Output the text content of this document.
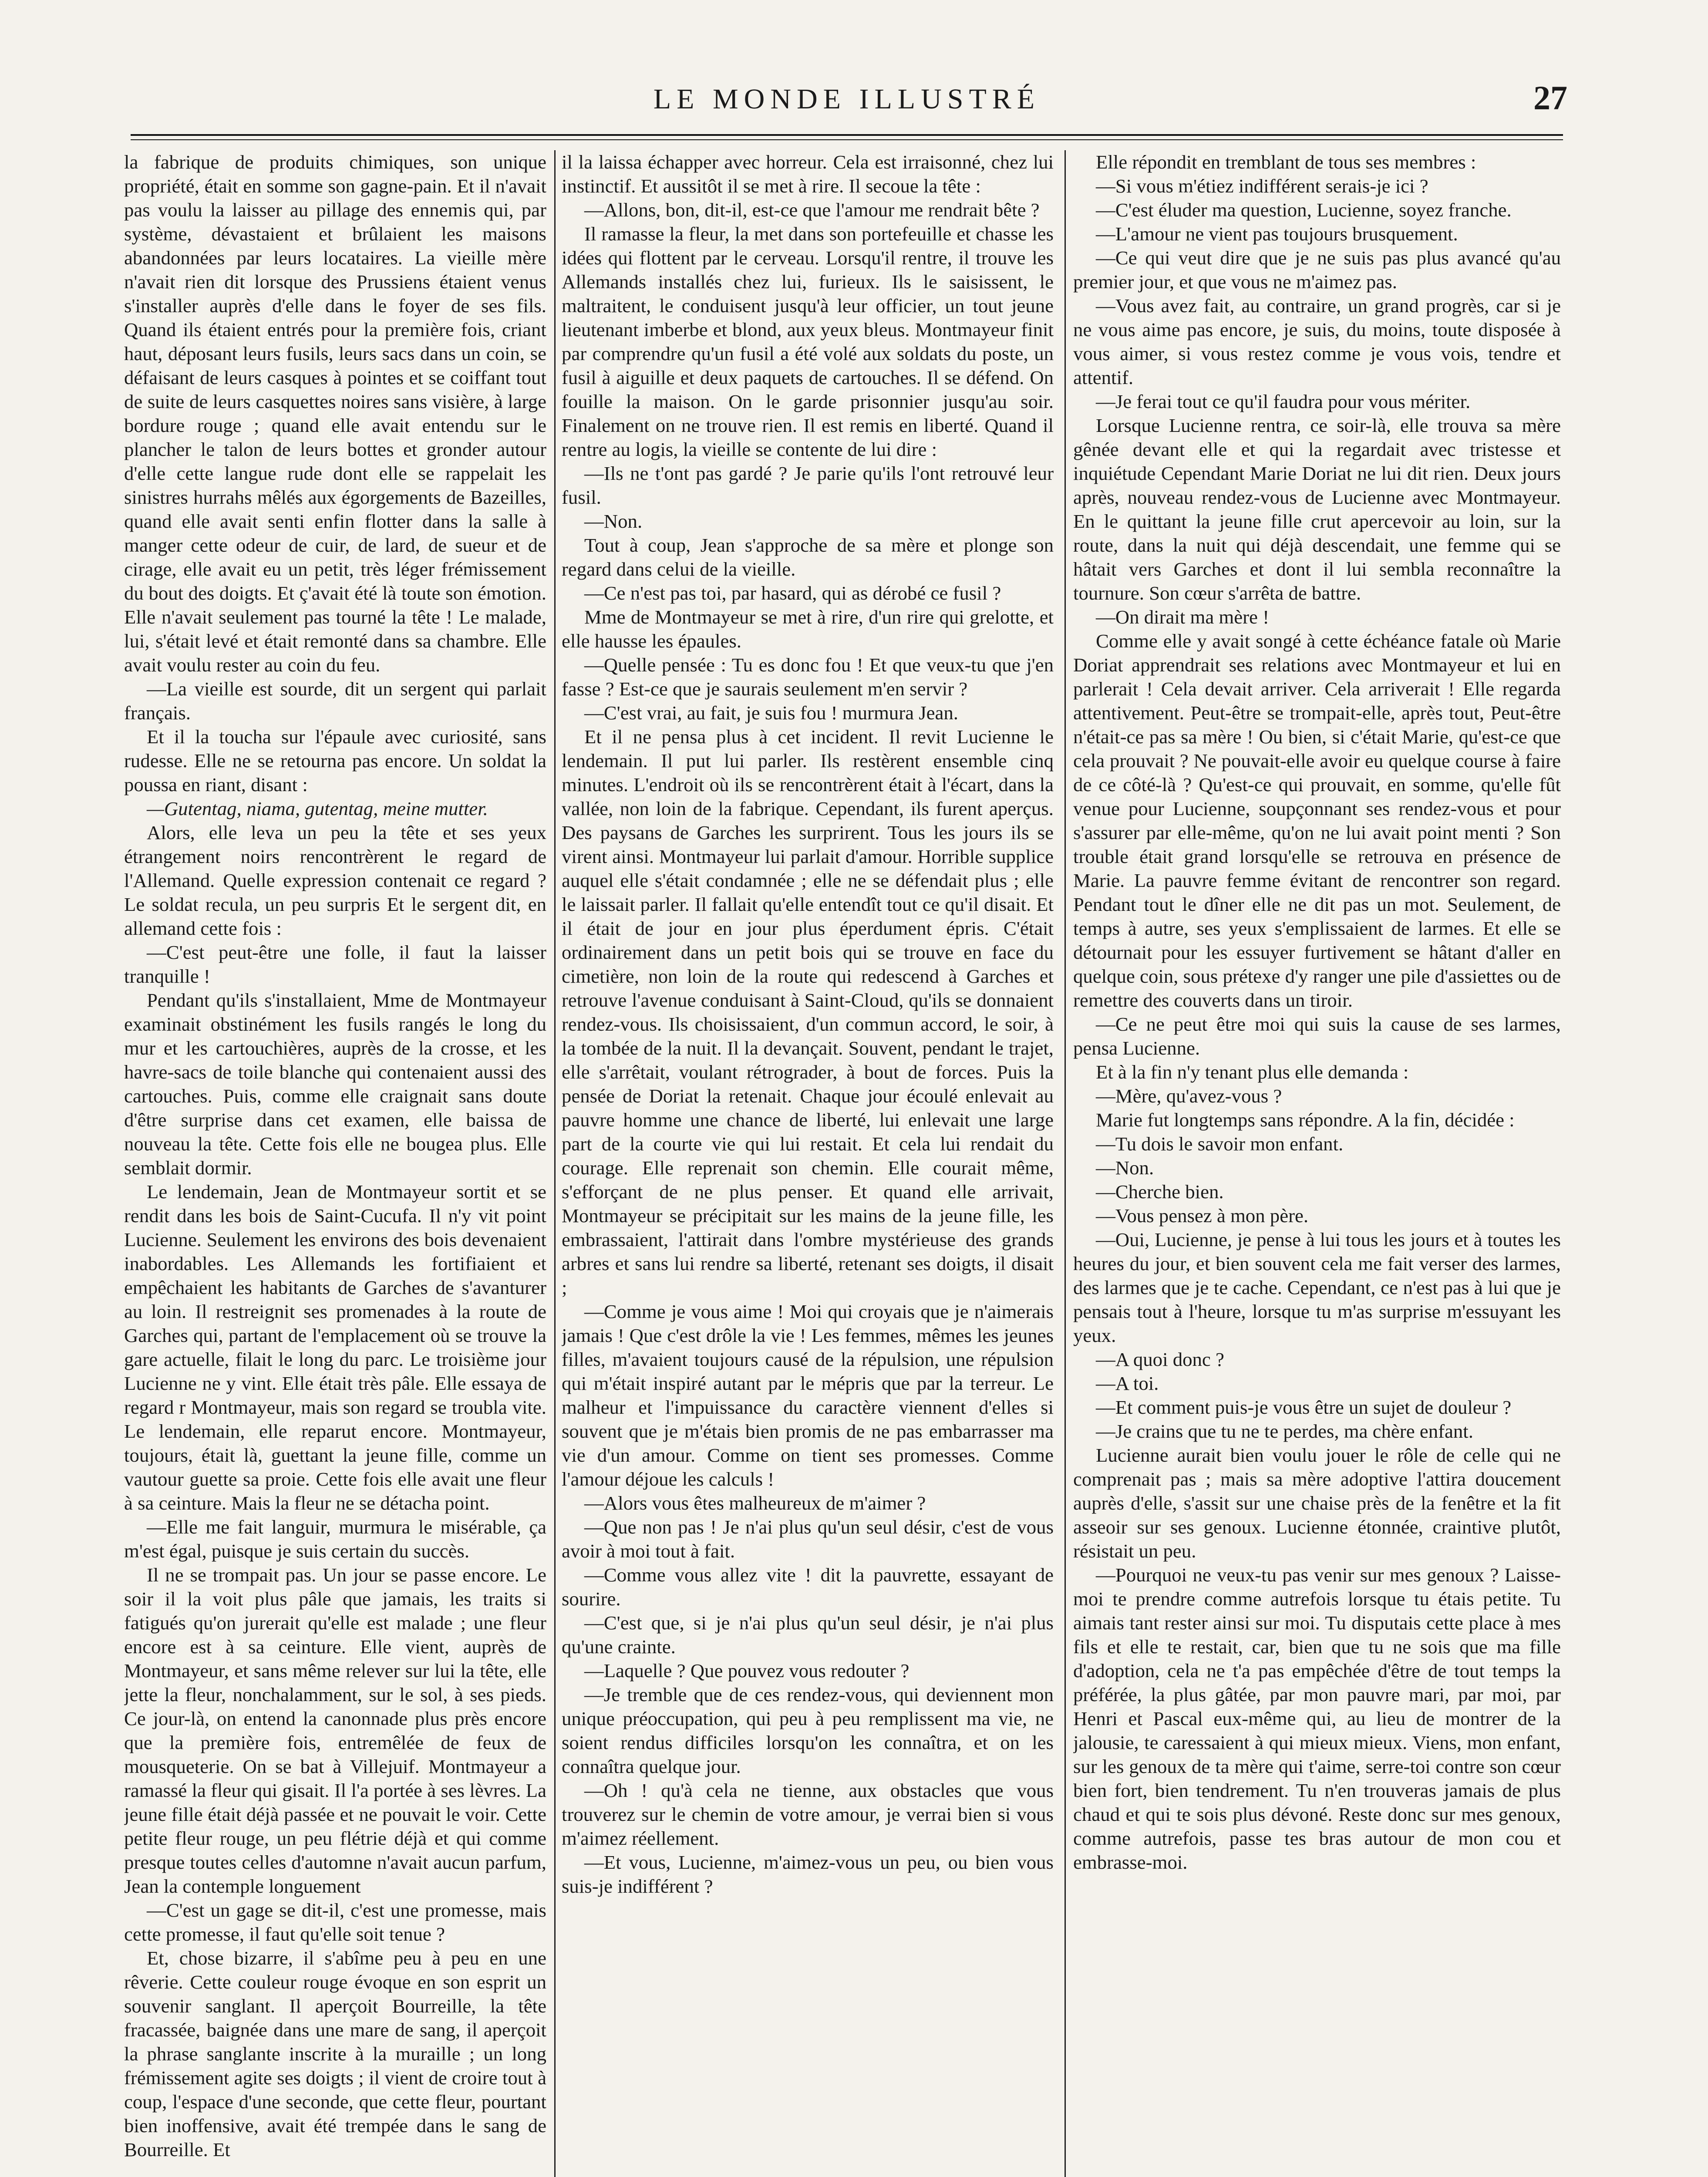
LE MONDE ILLUSTRÉ	27

la fabrique de produits chimiques, son unique propriété, était en somme son gagne-pain. Et il n'avait pas voulu la laisser au pillage des ennemis qui, par système, dévastaient et brûlaient les maisons abandonnées par leurs locataires. La vieille mère n'avait rien dit lorsque des Prussiens étaient venus s'installer auprès d'elle dans le foyer de ses fils. Quand ils étaient entrés pour la première fois, criant haut, déposant leurs fusils, leurs sacs dans un coin, se défaisant de leurs casques à pointes et se coiffant tout de suite de leurs casquettes noires sans visière, à large bordure rouge ; quand elle avait entendu sur le plancher le talon de leurs bottes et gronder autour d'elle cette langue rude dont elle se rappelait les sinistres hurrahs mêlés aux égorgements de Bazeilles, quand elle avait senti enfin flotter dans la salle à manger cette odeur de cuir, de lard, de sueur et de cirage, elle avait eu un petit, très léger frémissement du bout des doigts. Et ç'avait été là toute son émotion. Elle n'avait seulement pas tourné la tête ! Le malade, lui, s'était levé et était remonté dans sa chambre. Elle avait voulu rester au coin du feu.

—La vieille est sourde, dit un sergent qui parlait français.

Et il la toucha sur l'épaule avec curiosité, sans rudesse. Elle ne se retourna pas encore. Un soldat la poussa en riant, disant :

—Gutentag, niama, gutentag, meine mutter.

Alors, elle leva un peu la tête et ses yeux étrangement noirs rencontrèrent le regard de l'Allemand. Quelle expression contenait ce regard ? Le soldat recula, un peu surpris Et le sergent dit, en allemand cette fois :

—C'est peut-être une folle, il faut la laisser tranquille !

Pendant qu'ils s'installaient, Mme de Montmayeur examinait obstinément les fusils rangés le long du mur et les cartouchières, auprès de la crosse, et les havre-sacs de toile blanche qui contenaient aussi des cartouches. Puis, comme elle craignait sans doute d'être surprise dans cet examen, elle baissa de nouveau la tête. Cette fois elle ne bougea plus. Elle semblait dormir.

Le lendemain, Jean de Montmayeur sortit et se rendit dans les bois de Saint-Cucufa. Il n'y vit point Lucienne. Seulement les environs des bois devenaient inabordables. Les Allemands les fortifiaient et empêchaient les habitants de Garches de s'avanturer au loin. Il restreignit ses promenades à la route de Garches qui, partant de l'emplacement où se trouve la gare actuelle, filait le long du parc. Le troisième jour Lucienne ne y vint. Elle était très pâle. Elle essaya de regard r Montmayeur, mais son regard se troubla vite. Le lendemain, elle reparut encore. Montmayeur, toujours, était là, guettant la jeune fille, comme un vautour guette sa proie. Cette fois elle avait une fleur à sa ceinture. Mais la fleur ne se détacha point.

—Elle me fait languir, murmura le misérable, ça m'est égal, puisque je suis certain du succès.

Il ne se trompait pas. Un jour se passe encore. Le soir il la voit plus pâle que jamais, les traits si fatigués qu'on jurerait qu'elle est malade ; une fleur encore est à sa ceinture. Elle vient, auprès de Montmayeur, et sans même relever sur lui la tête, elle jette la fleur, nonchalamment, sur le sol, à ses pieds. Ce jour-là, on entend la canonnade plus près encore que la première fois, entremêlée de feux de mousqueterie. On se bat à Villejuif. Montmayeur a ramassé la fleur qui gisait. Il l'a portée à ses lèvres. La jeune fille était déjà passée et ne pouvait le voir. Cette petite fleur rouge, un peu flétrie déjà et qui comme presque toutes celles d'automne n'avait aucun parfum, Jean la contemple longuement

—C'est un gage se dit-il, c'est une promesse, mais cette promesse, il faut qu'elle soit tenue ?

Et, chose bizarre, il s'abîme peu à peu en une rêverie. Cette couleur rouge évoque en son esprit un souvenir sanglant. Il aperçoit Bourreille, la tête fracassée, baignée dans une mare de sang, il aperçoit la phrase sanglante inscrite à la muraille ; un long frémissement agite ses doigts ; il vient de croire tout à coup, l'espace d'une seconde, que cette fleur, pourtant bien inoffensive, avait été trempée dans le sang de Bourreille. Et

il la laissa échapper avec horreur. Cela est irraisonné, chez lui instinctif. Et aussitôt il se met à rire. Il secoue la tête :

—Allons, bon, dit-il, est-ce que l'amour me rendrait bête ?

Il ramasse la fleur, la met dans son portefeuille et chasse les idées qui flottent par le cerveau. Lorsqu'il rentre, il trouve les Allemands installés chez lui, furieux. Ils le saisissent, le maltraitent, le conduisent jusqu'à leur officier, un tout jeune lieutenant imberbe et blond, aux yeux bleus. Montmayeur finit par comprendre qu'un fusil a été volé aux soldats du poste, un fusil à aiguille et deux paquets de cartouches. Il se défend. On fouille la maison. On le garde prisonnier jusqu'au soir. Finalement on ne trouve rien. Il est remis en liberté. Quand il rentre au logis, la vieille se contente de lui dire :

—Ils ne t'ont pas gardé ? Je parie qu'ils l'ont retrouvé leur fusil.

—Non.

Tout à coup, Jean s'approche de sa mère et plonge son regard dans celui de la vieille.

—Ce n'est pas toi, par hasard, qui as dérobé ce fusil ?

Mme de Montmayeur se met à rire, d'un rire qui grelotte, et elle hausse les épaules.

—Quelle pensée : Tu es donc fou ! Et que veux-tu que j'en fasse ? Est-ce que je saurais seulement m'en servir ?

—C'est vrai, au fait, je suis fou ! murmura Jean.

Et il ne pensa plus à cet incident. Il revit Lucienne le lendemain. Il put lui parler. Ils restèrent ensemble cinq minutes. L'endroit où ils se rencontrèrent était à l'écart, dans la vallée, non loin de la fabrique. Cependant, ils furent aperçus. Des paysans de Garches les surprirent. Tous les jours ils se virent ainsi. Montmayeur lui parlait d'amour. Horrible supplice auquel elle s'était condamnée ; elle ne se défendait plus ; elle le laissait parler. Il fallait qu'elle entendît tout ce qu'il disait. Et il était de jour en jour plus éperdument épris. C'était ordinairement dans un petit bois qui se trouve en face du cimetière, non loin de la route qui redescend à Garches et retrouve l'avenue conduisant à Saint-Cloud, qu'ils se donnaient rendez-vous. Ils choisissaient, d'un commun accord, le soir, à la tombée de la nuit. Il la devançait. Souvent, pendant le trajet, elle s'arrêtait, voulant rétrograder, à bout de forces. Puis la pensée de Doriat la retenait. Chaque jour écoulé enlevait au pauvre homme une chance de liberté, lui enlevait une large part de la courte vie qui lui restait. Et cela lui rendait du courage. Elle reprenait son chemin. Elle courait même, s'efforçant de ne plus penser. Et quand elle arrivait, Montmayeur se précipitait sur les mains de la jeune fille, les embrassaient, l'attirait dans l'ombre mystérieuse des grands arbres et sans lui rendre sa liberté, retenant ses doigts, il disait ;

—Comme je vous aime ! Moi qui croyais que je n'aimerais jamais ! Que c'est drôle la vie ! Les femmes, mêmes les jeunes filles, m'avaient toujours causé de la répulsion, une répulsion qui m'était inspiré autant par le mépris que par la terreur. Le malheur et l'impuissance du caractère viennent d'elles si souvent que je m'étais bien promis de ne pas embarrasser ma vie d'un amour. Comme on tient ses promesses. Comme l'amour déjoue les calculs !

—Alors vous êtes malheureux de m'aimer ?

—Que non pas ! Je n'ai plus qu'un seul désir, c'est de vous avoir à moi tout à fait.

—Comme vous allez vite ! dit la pauvrette, essayant de sourire.

—C'est que, si je n'ai plus qu'un seul désir, je n'ai plus qu'une crainte.

—Laquelle ? Que pouvez vous redouter ?

—Je tremble que de ces rendez-vous, qui deviennent mon unique préoccupation, qui peu à peu remplissent ma vie, ne soient rendus difficiles lorsqu'on les connaîtra, et on les connaîtra quelque jour.

—Oh ! qu'à cela ne tienne, aux obstacles que vous trouverez sur le chemin de votre amour, je verrai bien si vous m'aimez réellement.

—Et vous, Lucienne, m'aimez-vous un peu, ou bien vous suis-je indifférent ?

Elle répondit en tremblant de tous ses membres :

—Si vous m'étiez indifférent serais-je ici ?

—C'est éluder ma question, Lucienne, soyez franche.

—L'amour ne vient pas toujours brusquement.

—Ce qui veut dire que je ne suis pas plus avancé qu'au premier jour, et que vous ne m'aimez pas.

—Vous avez fait, au contraire, un grand progrès, car si je ne vous aime pas encore, je suis, du moins, toute disposée à vous aimer, si vous restez comme je vous vois, tendre et attentif.

—Je ferai tout ce qu'il faudra pour vous mériter.

Lorsque Lucienne rentra, ce soir-là, elle trouva sa mère gênée devant elle et qui la regardait avec tristesse et inquiétude Cependant Marie Doriat ne lui dit rien. Deux jours après, nouveau rendez-vous de Lucienne avec Montmayeur. En le quittant la jeune fille crut apercevoir au loin, sur la route, dans la nuit qui déjà descendait, une femme qui se hâtait vers Garches et dont il lui sembla reconnaître la tournure. Son cœur s'arrêta de battre.

—On dirait ma mère !

Comme elle y avait songé à cette échéance fatale où Marie Doriat apprendrait ses relations avec Montmayeur et lui en parlerait ! Cela devait arriver. Cela arriverait ! Elle regarda attentivement. Peut-être se trompait-elle, après tout, Peut-être n'était-ce pas sa mère ! Ou bien, si c'était Marie, qu'est-ce que cela prouvait ? Ne pouvait-elle avoir eu quelque course à faire de ce côté-là ? Qu'est-ce qui prouvait, en somme, qu'elle fût venue pour Lucienne, soupçonnant ses rendez-vous et pour s'assurer par elle-même, qu'on ne lui avait point menti ? Son trouble était grand lorsqu'elle se retrouva en présence de Marie. La pauvre femme évitant de rencontrer son regard. Pendant tout le dîner elle ne dit pas un mot. Seulement, de temps à autre, ses yeux s'emplissaient de larmes. Et elle se détournait pour les essuyer furtivement se hâtant d'aller en quelque coin, sous prétexe d'y ranger une pile d'assiettes ou de remettre des couverts dans un tiroir.

—Ce ne peut être moi qui suis la cause de ses larmes, pensa Lucienne.

Et à la fin n'y tenant plus elle demanda :

—Mère, qu'avez-vous ?

Marie fut longtemps sans répondre. A la fin, décidée :

—Tu dois le savoir mon enfant.

—Non.

—Cherche bien.

—Vous pensez à mon père.

—Oui, Lucienne, je pense à lui tous les jours et à toutes les heures du jour, et bien souvent cela me fait verser des larmes, des larmes que je te cache. Cependant, ce n'est pas à lui que je pensais tout à l'heure, lorsque tu m'as surprise m'essuyant les yeux.

—A quoi donc ?

—A toi.

—Et comment puis-je vous être un sujet de douleur ?

—Je crains que tu ne te perdes, ma chère enfant.

Lucienne aurait bien voulu jouer le rôle de celle qui ne comprenait pas ; mais sa mère adoptive l'attira doucement auprès d'elle, s'assit sur une chaise près de la fenêtre et la fit asseoir sur ses genoux. Lucienne étonnée, craintive plutôt, résistait un peu.

—Pourquoi ne veux-tu pas venir sur mes genoux ? Laisse-moi te prendre comme autrefois lorsque tu étais petite. Tu aimais tant rester ainsi sur moi. Tu disputais cette place à mes fils et elle te restait, car, bien que tu ne sois que ma fille d'adoption, cela ne t'a pas empêchée d'être de tout temps la préférée, la plus gâtée, par mon pauvre mari, par moi, par Henri et Pascal eux-même qui, au lieu de montrer de la jalousie, te caressaient à qui mieux mieux. Viens, mon enfant, sur les genoux de ta mère qui t'aime, serre-toi contre son cœur bien fort, bien tendrement. Tu n'en trouveras jamais de plus chaud et qui te sois plus dévoné. Reste donc sur mes genoux, comme autrefois, passe tes bras autour de mon cou et embrasse-moi.
